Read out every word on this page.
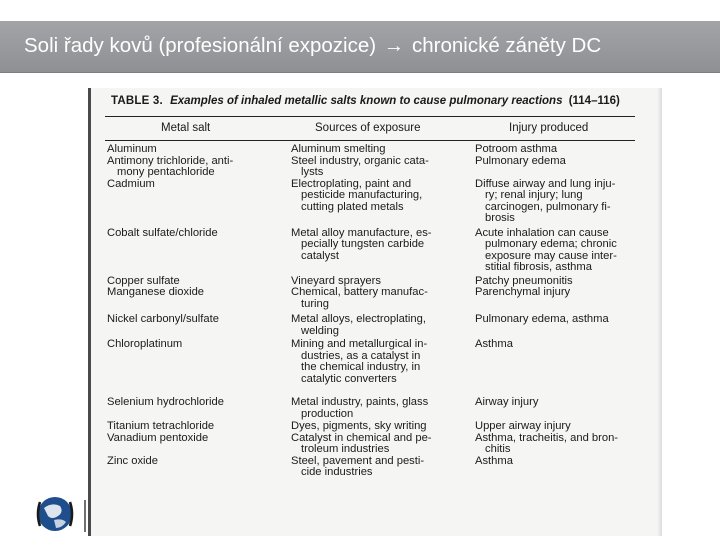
Soli řady kovů (profesionální expozice) → chronické záněty DC
TABLE 3. Examples of inhaled metallic salts known to cause pulmonary reactions (114–116)
Metal salt	Sources of exposure	Injury produced
Aluminum
Antimony trichloride, anti-
mony pentachloride
Cadmium
Cobalt sulfate/chloride
Copper sulfate
Manganese dioxide
Nickel carbonyl/sulfate
Chloroplatinum
Selenium hydrochloride
Titanium tetrachloride
Vanadium pentoxide
Zinc oxide
Aluminum smelting
Steel industry, organic cata-
lysts
Electroplating, paint and
pesticide manufacturing,
cutting plated metals
Metal alloy manufacture, es-
pecially tungsten carbide
catalyst
Vineyard sprayers
Chemical, battery manufac-
turing
Metal alloys, electroplating,
welding
Mining and metallurgical in-
dustries, as a catalyst in
the chemical industry, in
catalytic converters
Metal industry, paints, glass
production
Dyes, pigments, sky writing
Catalyst in chemical and pe-
troleum industries
Steel, pavement and pesti-
cide industries
Potroom asthma
Pulmonary edema
Diffuse airway and lung inju-
ry; renal injury; lung
carcinogen, pulmonary fi-
brosis
Acute inhalation can cause
pulmonary edema; chronic
exposure may cause inter-
stitial fibrosis, asthma
Patchy pneumonitis
Parenchymal injury
Pulmonary edema, asthma
Asthma
Airway injury
Upper airway injury
Asthma, tracheitis, and bron-
chitis
Asthma
